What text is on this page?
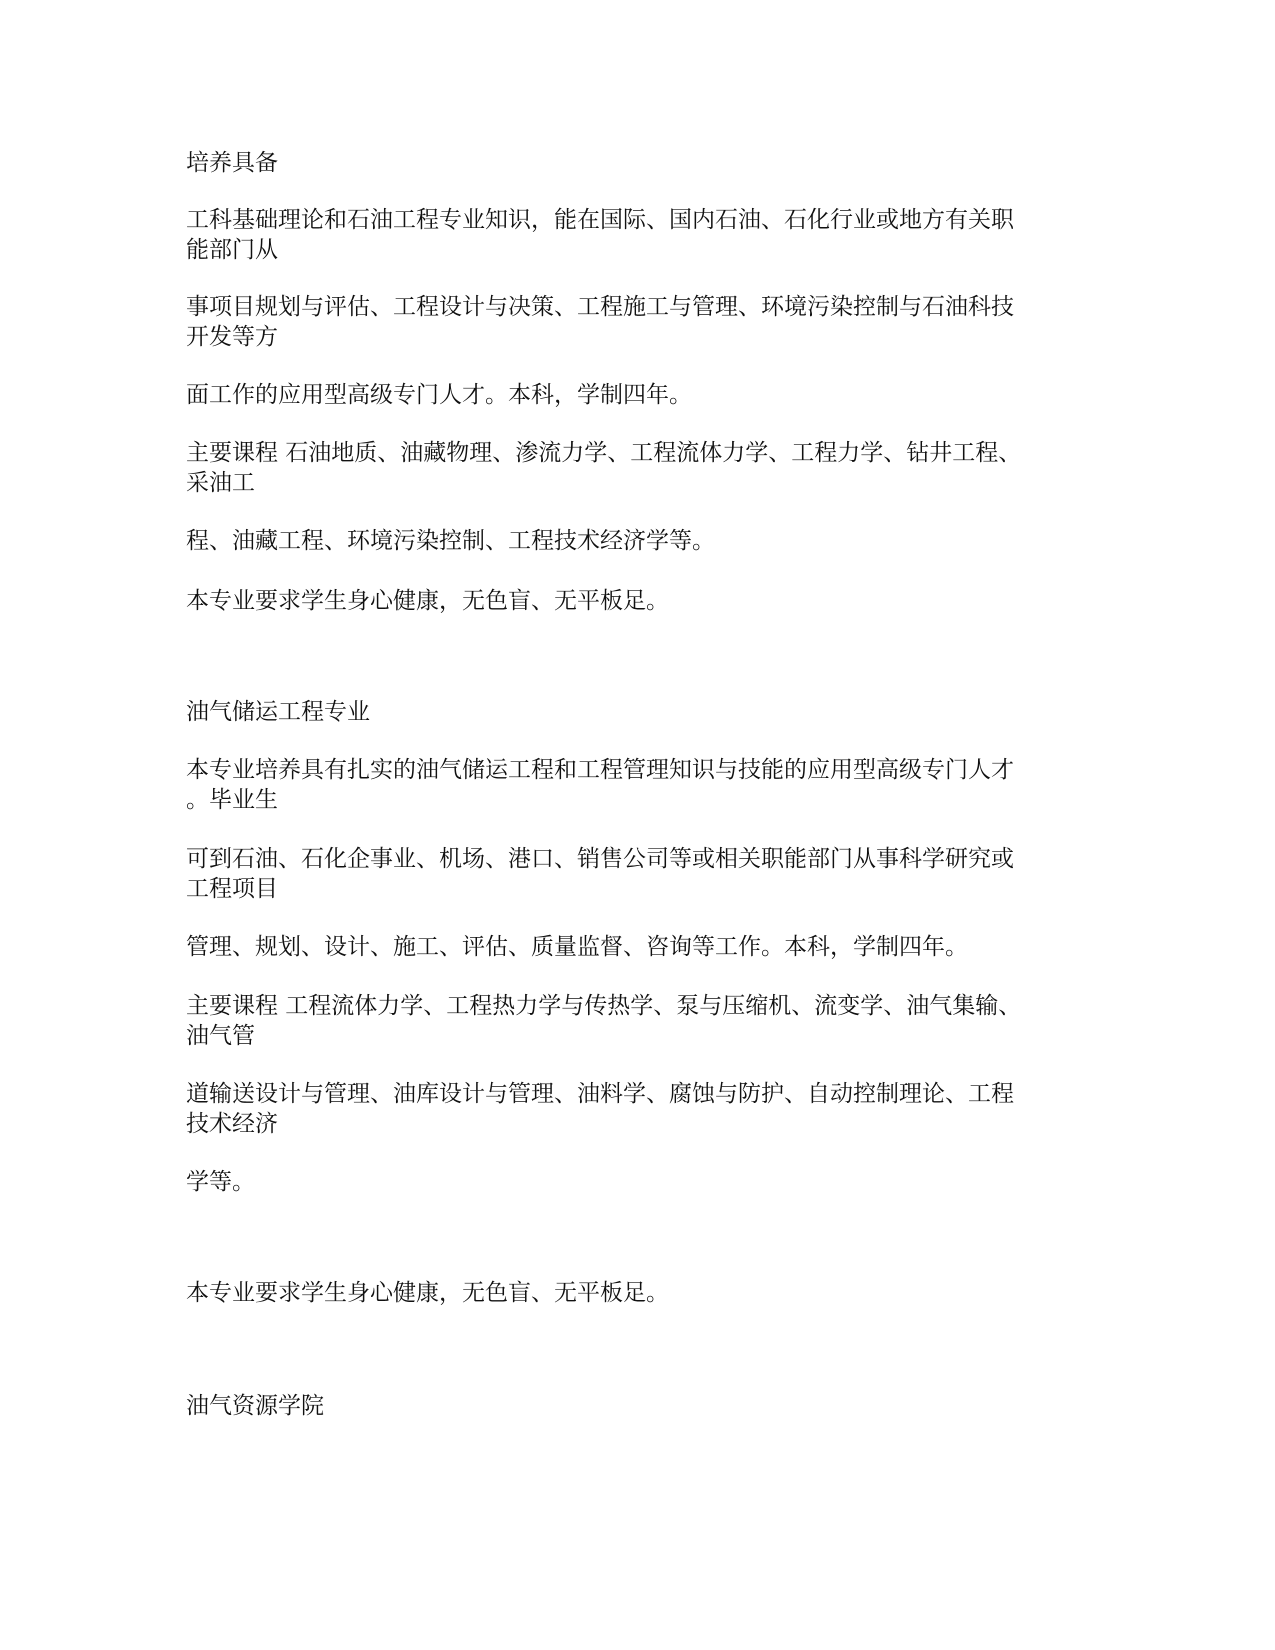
培养具备

工科基础理论和石油工程专业知识，能在国际、国内石油、石化行业或地方有关职

能部门从

事项目规划与评估、工程设计与决策、工程施工与管理、环境污染控制与石油科技

开发等方

面工作的应用型高级专门人才。本科，学制四年。

主要课程 石油地质、油藏物理、渗流力学、工程流体力学、工程力学、钻井工程、

采油工

程、油藏工程、环境污染控制、工程技术经济学等。

本专业要求学生身心健康，无色盲、无平板足。

油气储运工程专业

本专业培养具有扎实的油气储运工程和工程管理知识与技能的应用型高级专门人才

。毕业生

可到石油、石化企事业、机场、港口、销售公司等或相关职能部门从事科学研究或

工程项目

管理、规划、设计、施工、评估、质量监督、咨询等工作。本科，学制四年。

主要课程 工程流体力学、工程热力学与传热学、泵与压缩机、流变学、油气集输、

油气管

道输送设计与管理、油库设计与管理、油料学、腐蚀与防护、自动控制理论、工程

技术经济

学等。

本专业要求学生身心健康，无色盲、无平板足。

油气资源学院
